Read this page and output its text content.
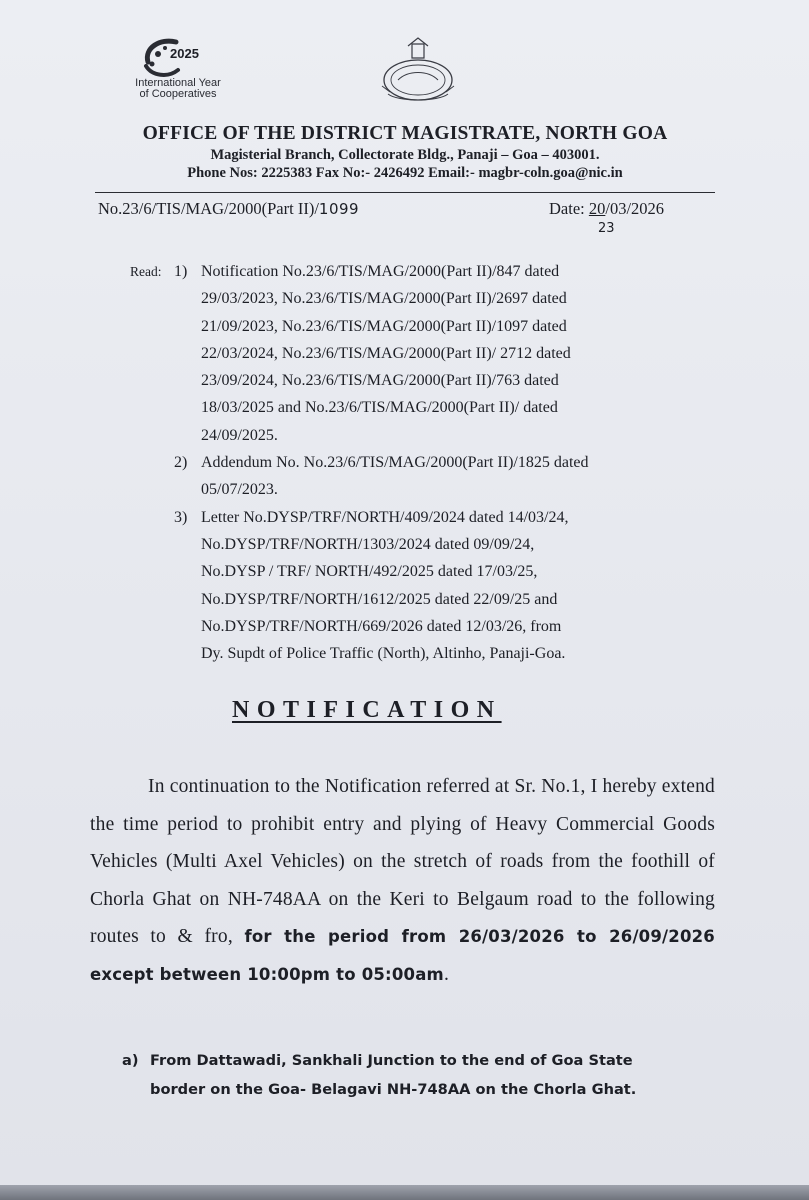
2025
International Year
of Cooperatives
OFFICE OF THE DISTRICT MAGISTRATE, NORTH GOA
Magisterial Branch, Collectorate Bldg., Panaji – Goa – 403001.
Phone Nos: 2225383 Fax No:- 2426492 Email:- magbr-coln.goa@nic.in
No.23/6/TIS/MAG/2000(Part II)/1099	Date: 20/03/2026
23
Read: 1) Notification No.23/6/TIS/MAG/2000(Part II)/847 dated
29/03/2023, No.23/6/TIS/MAG/2000(Part II)/2697 dated
21/09/2023, No.23/6/TIS/MAG/2000(Part II)/1097 dated
22/03/2024, No.23/6/TIS/MAG/2000(Part II)/ 2712 dated
23/09/2024, No.23/6/TIS/MAG/2000(Part II)/763 dated
18/03/2025 and No.23/6/TIS/MAG/2000(Part II)/ dated
24/09/2025.
2) Addendum No. No.23/6/TIS/MAG/2000(Part II)/1825 dated
05/07/2023.
3) Letter No.DYSP/TRF/NORTH/409/2024 dated 14/03/24,
No.DYSP/TRF/NORTH/1303/2024 dated 09/09/24,
No.DYSP / TRF/ NORTH/492/2025 dated 17/03/25,
No.DYSP/TRF/NORTH/1612/2025 dated 22/09/25 and
No.DYSP/TRF/NORTH/669/2026 dated 12/03/26, from
Dy. Supdt of Police Traffic (North), Altinho, Panaji-Goa.
NOTIFICATION
In continuation to the Notification referred at Sr. No.1, I hereby extend the time period to prohibit entry and plying of Heavy Commercial Goods Vehicles (Multi Axel Vehicles) on the stretch of roads from the foothill of Chorla Ghat on NH-748AA on the Keri to Belgaum road to the following routes to & fro, for the period from 26/03/2026 to 26/09/2026 except between 10:00pm to 05:00am.
a) From Dattawadi, Sankhali Junction to the end of Goa State
border on the Goa- Belagavi NH-748AA on the Chorla Ghat.
